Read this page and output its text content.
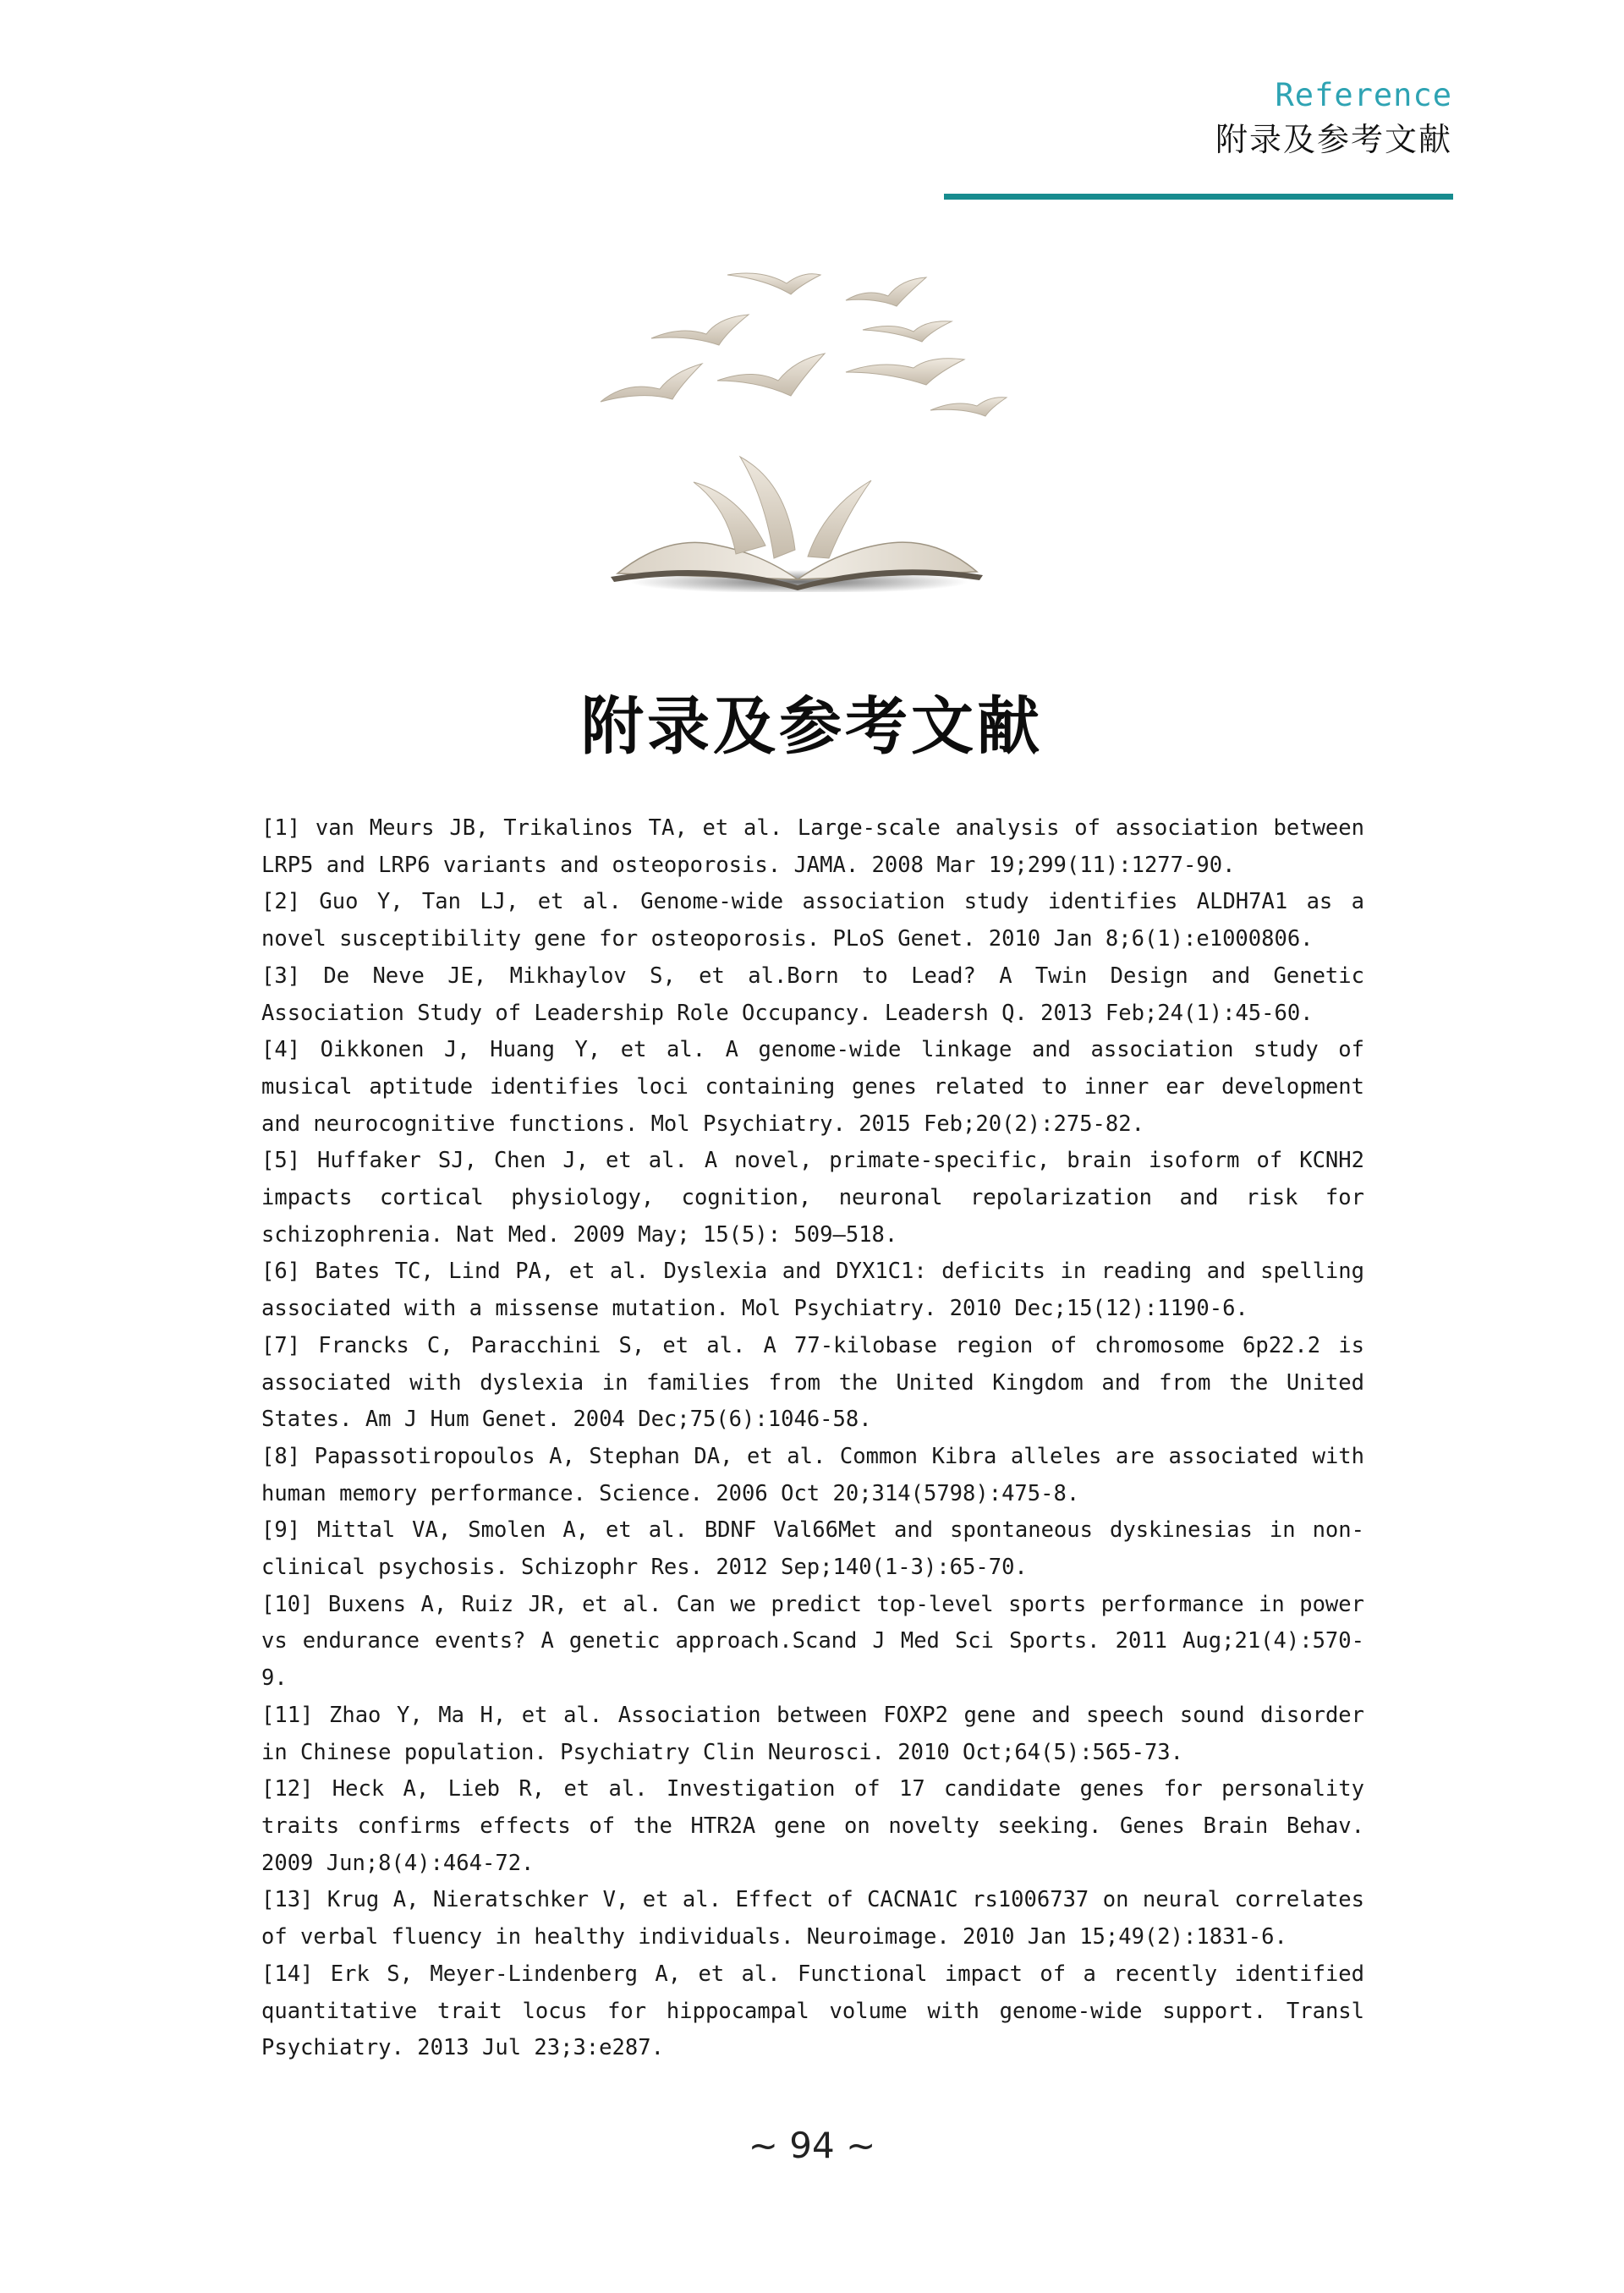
Reference
附录及参考文献
附录及参考文献

[1] van Meurs JB, Trikalinos TA, et al. Large-scale analysis of association between LRP5 and LRP6 variants and osteoporosis. JAMA. 2008 Mar 19;299(11):1277-90.

[2] Guo Y, Tan LJ, et al. Genome-wide association study identifies ALDH7A1 as a novel susceptibility gene for osteoporosis. PLoS Genet. 2010 Jan 8;6(1):e1000806.

[3] De Neve JE, Mikhaylov S, et al.Born to Lead? A Twin Design and Genetic Association Study of Leadership Role Occupancy. Leadersh Q. 2013 Feb;24(1):45-60.

[4] Oikkonen J, Huang Y, et al. A genome-wide linkage and association study of musical aptitude identifies loci containing genes related to inner ear development and neurocognitive functions. Mol Psychiatry. 2015 Feb;20(2):275-82.

[5] Huffaker SJ, Chen J, et al. A novel, primate-specific, brain isoform of KCNH2 impacts cortical physiology, cognition, neuronal repolarization and risk for schizophrenia. Nat Med. 2009 May; 15(5): 509–518.

[6] Bates TC, Lind PA, et al. Dyslexia and DYX1C1: deficits in reading and spelling associated with a missense mutation. Mol Psychiatry. 2010 Dec;15(12):1190-6.

[7] Francks C, Paracchini S, et al. A 77-kilobase region of chromosome 6p22.2 is associated with dyslexia in families from the United Kingdom and from the United States. Am J Hum Genet. 2004 Dec;75(6):1046-58.

[8] Papassotiropoulos A, Stephan DA, et al. Common Kibra alleles are associated with human memory performance. Science. 2006 Oct 20;314(5798):475-8.

[9] Mittal VA, Smolen A, et al. BDNF Val66Met and spontaneous dyskinesias in non-clinical psychosis. Schizophr Res. 2012 Sep;140(1-3):65-70.

[10] Buxens A, Ruiz JR, et al. Can we predict top-level sports performance in power vs endurance events? A genetic approach.Scand J Med Sci Sports. 2011 Aug;21(4):570-9.

[11] Zhao Y, Ma H, et al. Association between FOXP2 gene and speech sound disorder in Chinese population. Psychiatry Clin Neurosci. 2010 Oct;64(5):565-73.

[12] Heck A, Lieb R, et al. Investigation of 17 candidate genes for personality traits confirms effects of the HTR2A gene on novelty seeking. Genes Brain Behav. 2009 Jun;8(4):464-72.

[13] Krug A, Nieratschker V, et al. Effect of CACNA1C rs1006737 on neural correlates of verbal fluency in healthy individuals. Neuroimage. 2010 Jan 15;49(2):1831-6.

[14] Erk S, Meyer-Lindenberg A, et al. Functional impact of a recently identified quantitative trait locus for hippocampal volume with genome-wide support. Transl Psychiatry. 2013 Jul 23;3:e287.

~ 94 ~
